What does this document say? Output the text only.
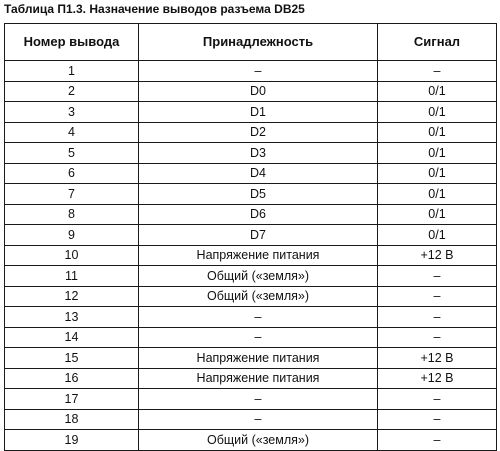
Таблица П1.3. Назначение выводов разъема DB25
Номер вывода	Принадлежность	Сигнал
1	–	–
2	D0	0/1
3	D1	0/1
4	D2	0/1
5	D3	0/1
6	D4	0/1
7	D5	0/1
8	D6	0/1
9	D7	0/1
10	Напряжение питания	+12 В
11	Общий («земля»)	–
12	Общий («земля»)	–
13	–	–
14	–	–
15	Напряжение питания	+12 В
16	Напряжение питания	+12 В
17	–	–
18	–	–
19	Общий («земля»)	–
